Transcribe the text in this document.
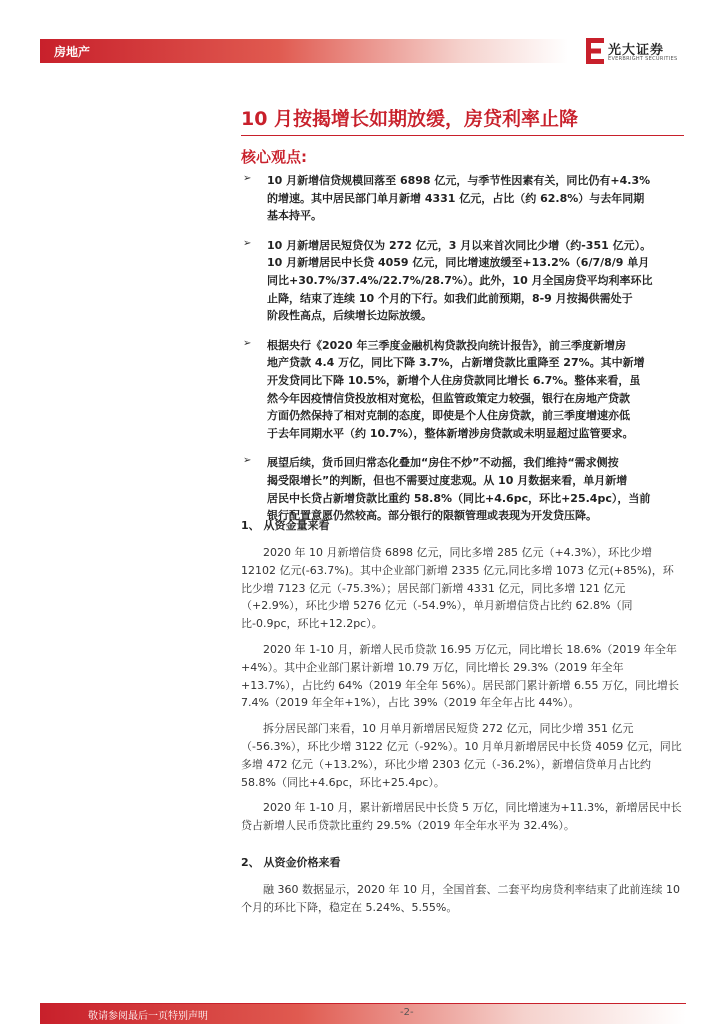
房地产	光大证券
EVERBRIGHT SECURITIES
10 月按揭增长如期放缓，房贷利率止降
核心观点:
➢ 10 月新增信贷规模回落至 6898 亿元，与季节性因素有关，同比仍有+4.3%

的增速。其中居民部门单月新增 4331 亿元，占比（约 62.8%）与去年同期

基本持平。

➢ 10 月新增居民短贷仅为 272 亿元，3 月以来首次同比少增（约-351 亿元）。

10 月新增居民中长贷 4059 亿元，同比增速放缓至+13.2%（6/7/8/9 单月

同比+30.7%/37.4%/22.7%/28.7%）。此外，10 月全国房贷平均利率环比

止降，结束了连续 10 个月的下行。如我们此前预期，8-9 月按揭供需处于

阶段性高点，后续增长边际放缓。

➢ 根据央行《2020 年三季度金融机构贷款投向统计报告》，前三季度新增房

地产贷款 4.4 万亿，同比下降 3.7%，占新增贷款比重降至 27%。其中新增

开发贷同比下降 10.5%，新增个人住房贷款同比增长 6.7%。整体来看，虽

然今年因疫情信贷投放相对宽松，但监管政策定力较强，银行在房地产贷款

方面仍然保持了相对克制的态度，即使是个人住房贷款，前三季度增速亦低

于去年同期水平（约 10.7%），整体新增涉房贷款或未明显超过监管要求。

➢ 展望后续，货币回归常态化叠加“房住不炒”不动摇，我们维持“需求侧按

揭受限增长”的判断，但也不需要过度悲观。从 10 月数据来看，单月新增

居民中长贷占新增贷款比重约 58.8%（同比+4.6pc，环比+25.4pc），当前

银行配置意愿仍然较高。部分银行的限额管理或表现为开发贷压降。

1、 从资金量来看

2020 年 10 月新增信贷 6898 亿元，同比多增 285 亿元（+4.3%），环比少增 12102 亿元(-63.7%)。其中企业部门新增 2335 亿元,同比多增 1073 亿元(+85%)，环比少增 7123 亿元（-75.3%）；居民部门新增 4331 亿元，同比多增 121 亿元（+2.9%），环比少增 5276 亿元（-54.9%），单月新增信贷占比约 62.8%（同比-0.9pc，环比+12.2pc）。

2020 年 1-10 月，新增人民币贷款 16.95 万亿元，同比增长 18.6%（2019 年全年+4%）。其中企业部门累计新增 10.79 万亿，同比增长 29.3%（2019 年全年+13.7%），占比约 64%（2019 年全年 56%）。居民部门累计新增 6.55 万亿，同比增长 7.4%（2019 年全年+1%），占比 39%（2019 年全年占比 44%）。

拆分居民部门来看，10 月单月新增居民短贷 272 亿元，同比少增 351 亿元（-56.3%），环比少增 3122 亿元（-92%）。10 月单月新增居民中长贷 4059 亿元，同比多增 472 亿元（+13.2%），环比少增 2303 亿元（-36.2%），新增信贷单月占比约 58.8%（同比+4.6pc，环比+25.4pc）。

2020 年 1-10 月，累计新增居民中长贷 5 万亿，同比增速为+11.3%，新增居民中长贷占新增人民币贷款比重约 29.5%（2019 年全年水平为 32.4%）。

2、 从资金价格来看

融 360 数据显示，2020 年 10 月，全国首套、二套平均房贷利率结束了此前连续 10 个月的环比下降，稳定在 5.24%、5.55%。

敬请参阅最后一页特别声明	-2-
